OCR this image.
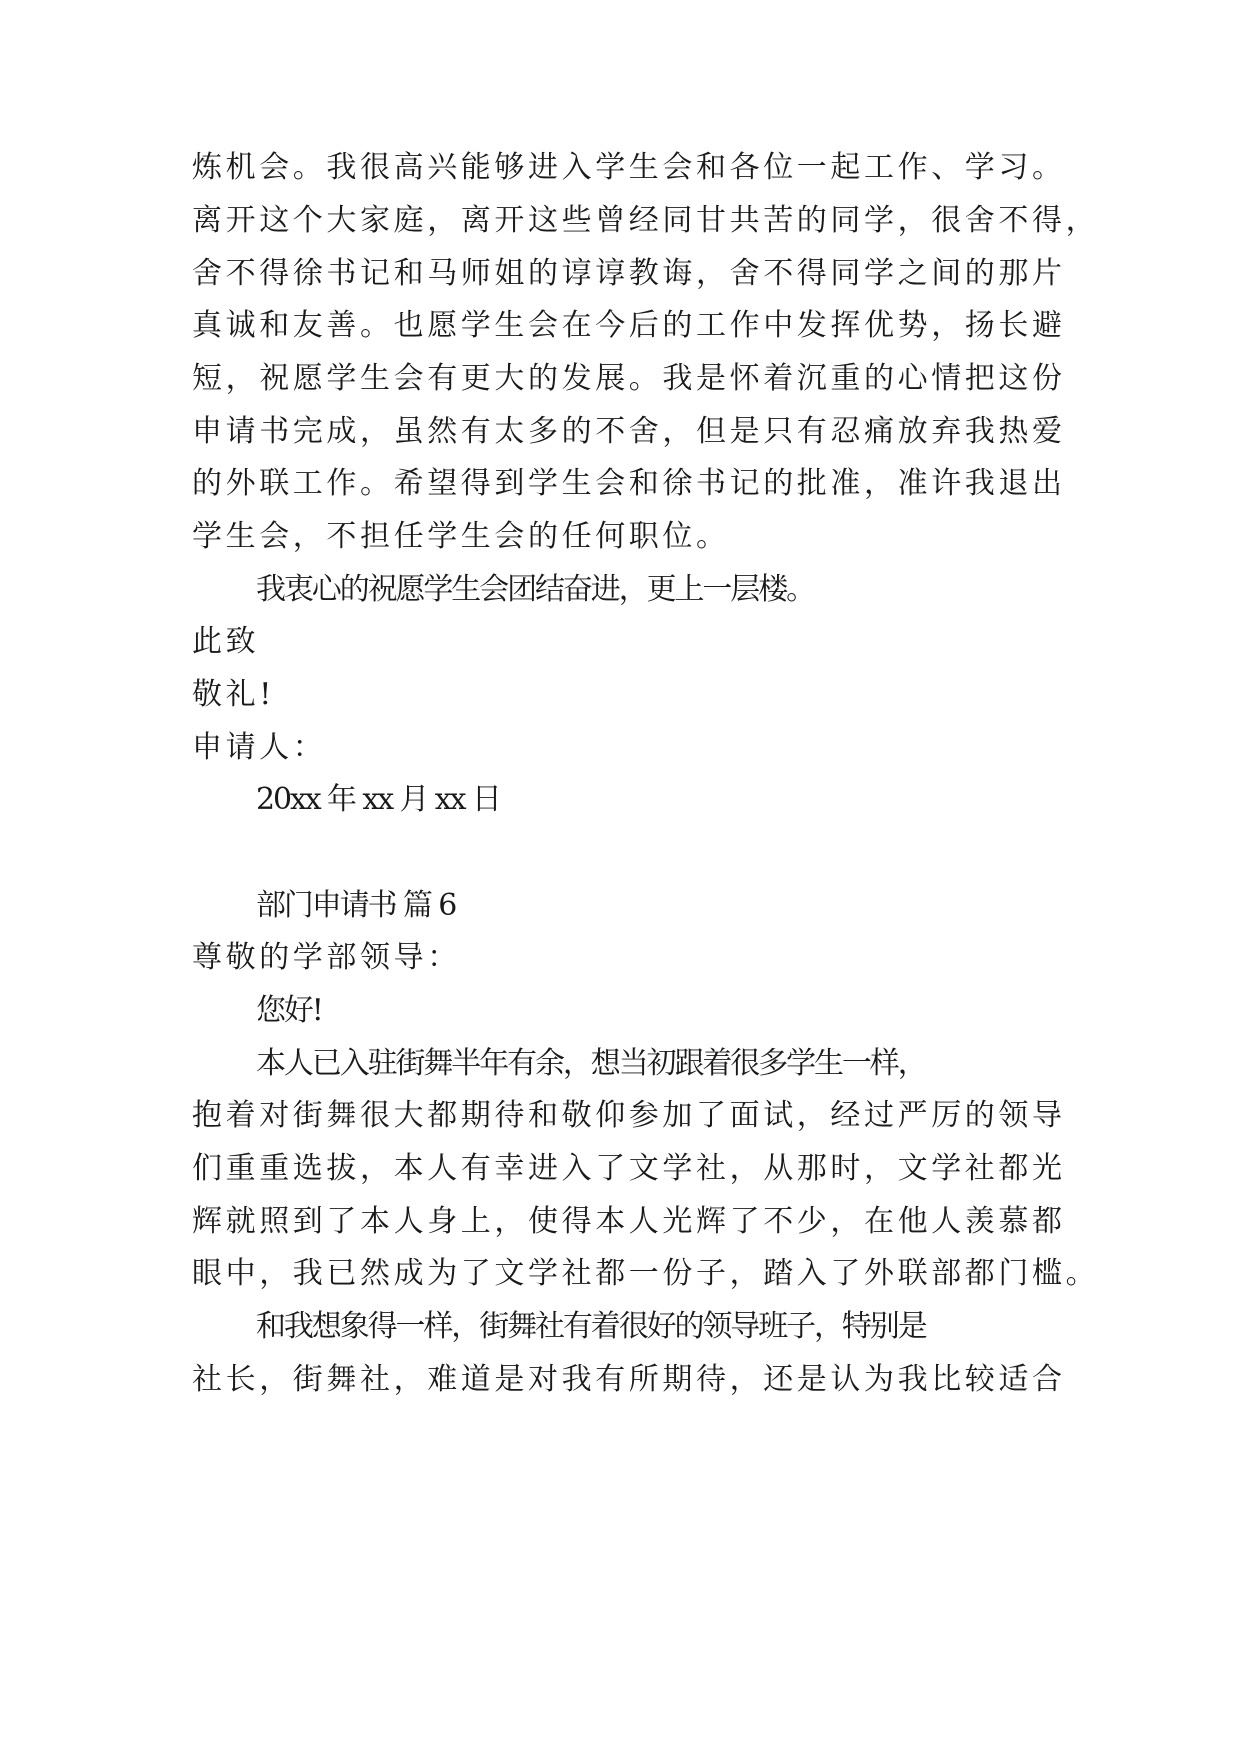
炼机会。我很高兴能够进入学生会和各位一起工作、学习。
离开这个大家庭，离开这些曾经同甘共苦的同学，很舍不得，
舍不得徐书记和马师姐的谆谆教诲，舍不得同学之间的那片
真诚和友善。也愿学生会在今后的工作中发挥优势，扬长避
短，祝愿学生会有更大的发展。我是怀着沉重的心情把这份
申请书完成，虽然有太多的不舍，但是只有忍痛放弃我热爱
的外联工作。希望得到学生会和徐书记的批准，准许我退出
学生会，不担任学生会的任何职位。
我衷心的祝愿学生会团结奋进，更上一层楼。
此致
敬礼!
申请人：
20xx 年 xx 月 xx 日
部门申请书 篇 6
尊敬的学部领导：
您好!
本人已入驻街舞半年有余，想当初跟着很多学生一样，
抱着对街舞很大都期待和敬仰参加了面试，经过严厉的领导
们重重选拔，本人有幸进入了文学社，从那时，文学社都光
辉就照到了本人身上，使得本人光辉了不少，在他人羡慕都
眼中，我已然成为了文学社都一份子，踏入了外联部都门槛。
和我想象得一样，街舞社有着很好的领导班子，特别是
社长，街舞社，难道是对我有所期待，还是认为我比较适合
